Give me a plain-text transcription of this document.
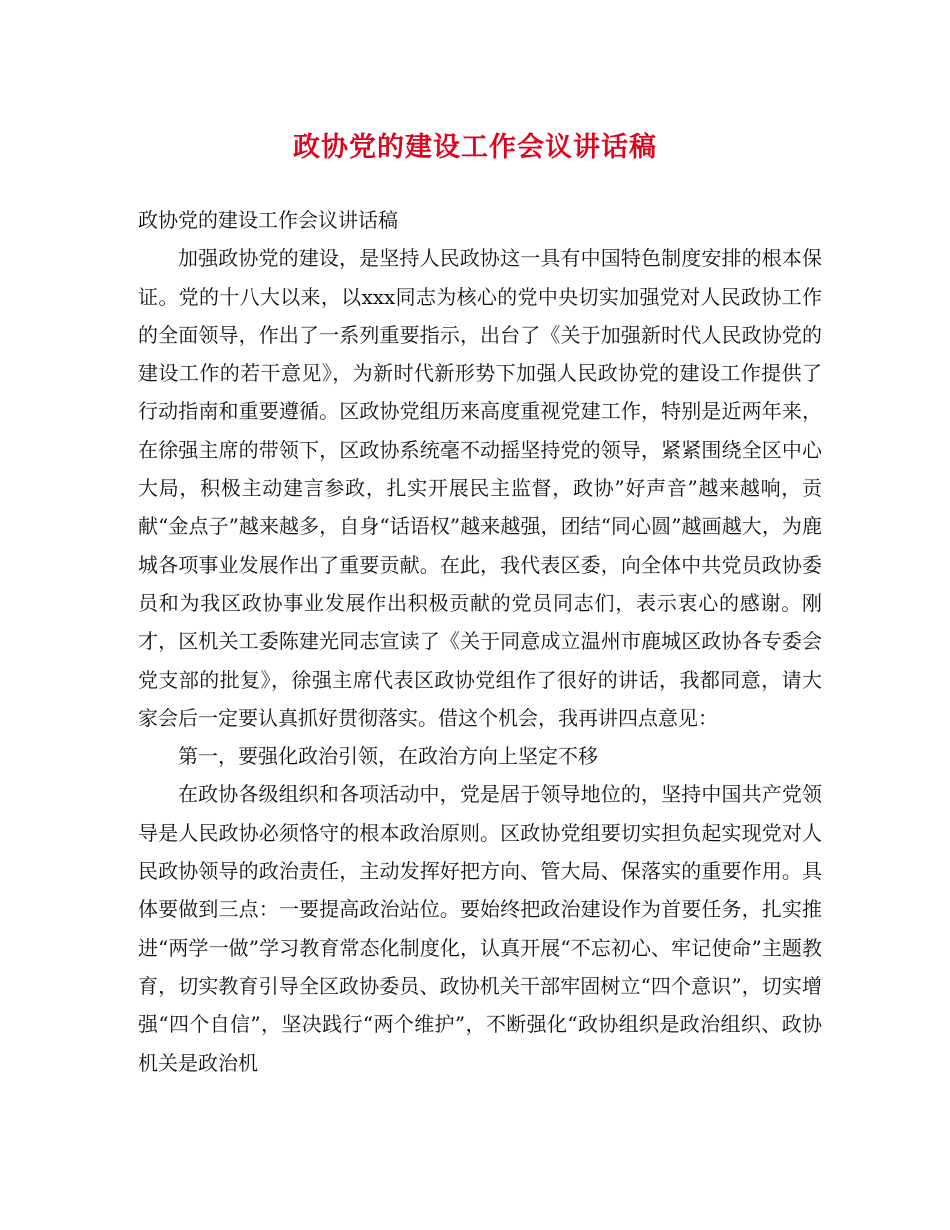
政协党的建设工作会议讲话稿

政协党的建设工作会议讲话稿

加强政协党的建设，是坚持人民政协这一具有中国特色制度安排的根本保证。党的十八大以来，以xxx同志为核心的党中央切实加强党对人民政协工作的全面领导，作出了一系列重要指示，出台了《关于加强新时代人民政协党的建设工作的若干意见》，为新时代新形势下加强人民政协党的建设工作提供了行动指南和重要遵循。区政协党组历来高度重视党建工作，特别是近两年来，在徐强主席的带领下，区政协系统毫不动摇坚持党的领导，紧紧围绕全区中心大局，积极主动建言参政，扎实开展民主监督，政协”好声音”越来越响，贡献“金点子”越来越多，自身“话语权”越来越强，团结“同心圆”越画越大，为鹿城各项事业发展作出了重要贡献。在此，我代表区委，向全体中共党员政协委员和为我区政协事业发展作出积极贡献的党员同志们，表示衷心的感谢。刚才，区机关工委陈建光同志宣读了《关于同意成立温州市鹿城区政协各专委会党支部的批复》，徐强主席代表区政协党组作了很好的讲话，我都同意，请大家会后一定要认真抓好贯彻落实。借这个机会，我再讲四点意见：

第一，要强化政治引领，在政治方向上坚定不移

在政协各级组织和各项活动中，党是居于领导地位的，坚持中国共产党领导是人民政协必须恪守的根本政治原则。区政协党组要切实担负起实现党对人民政协领导的政治责任，主动发挥好把方向、管大局、保落实的重要作用。具体要做到三点：一要提高政治站位。要始终把政治建设作为首要任务，扎实推进“两学一做”学习教育常态化制度化，认真开展“不忘初心、牢记使命”主题教育，切实教育引导全区政协委员、政协机关干部牢固树立“四个意识”，切实增强“四个自信”，坚决践行“两个维护”，不断强化“政协组织是政治组织、政协机关是政治机
